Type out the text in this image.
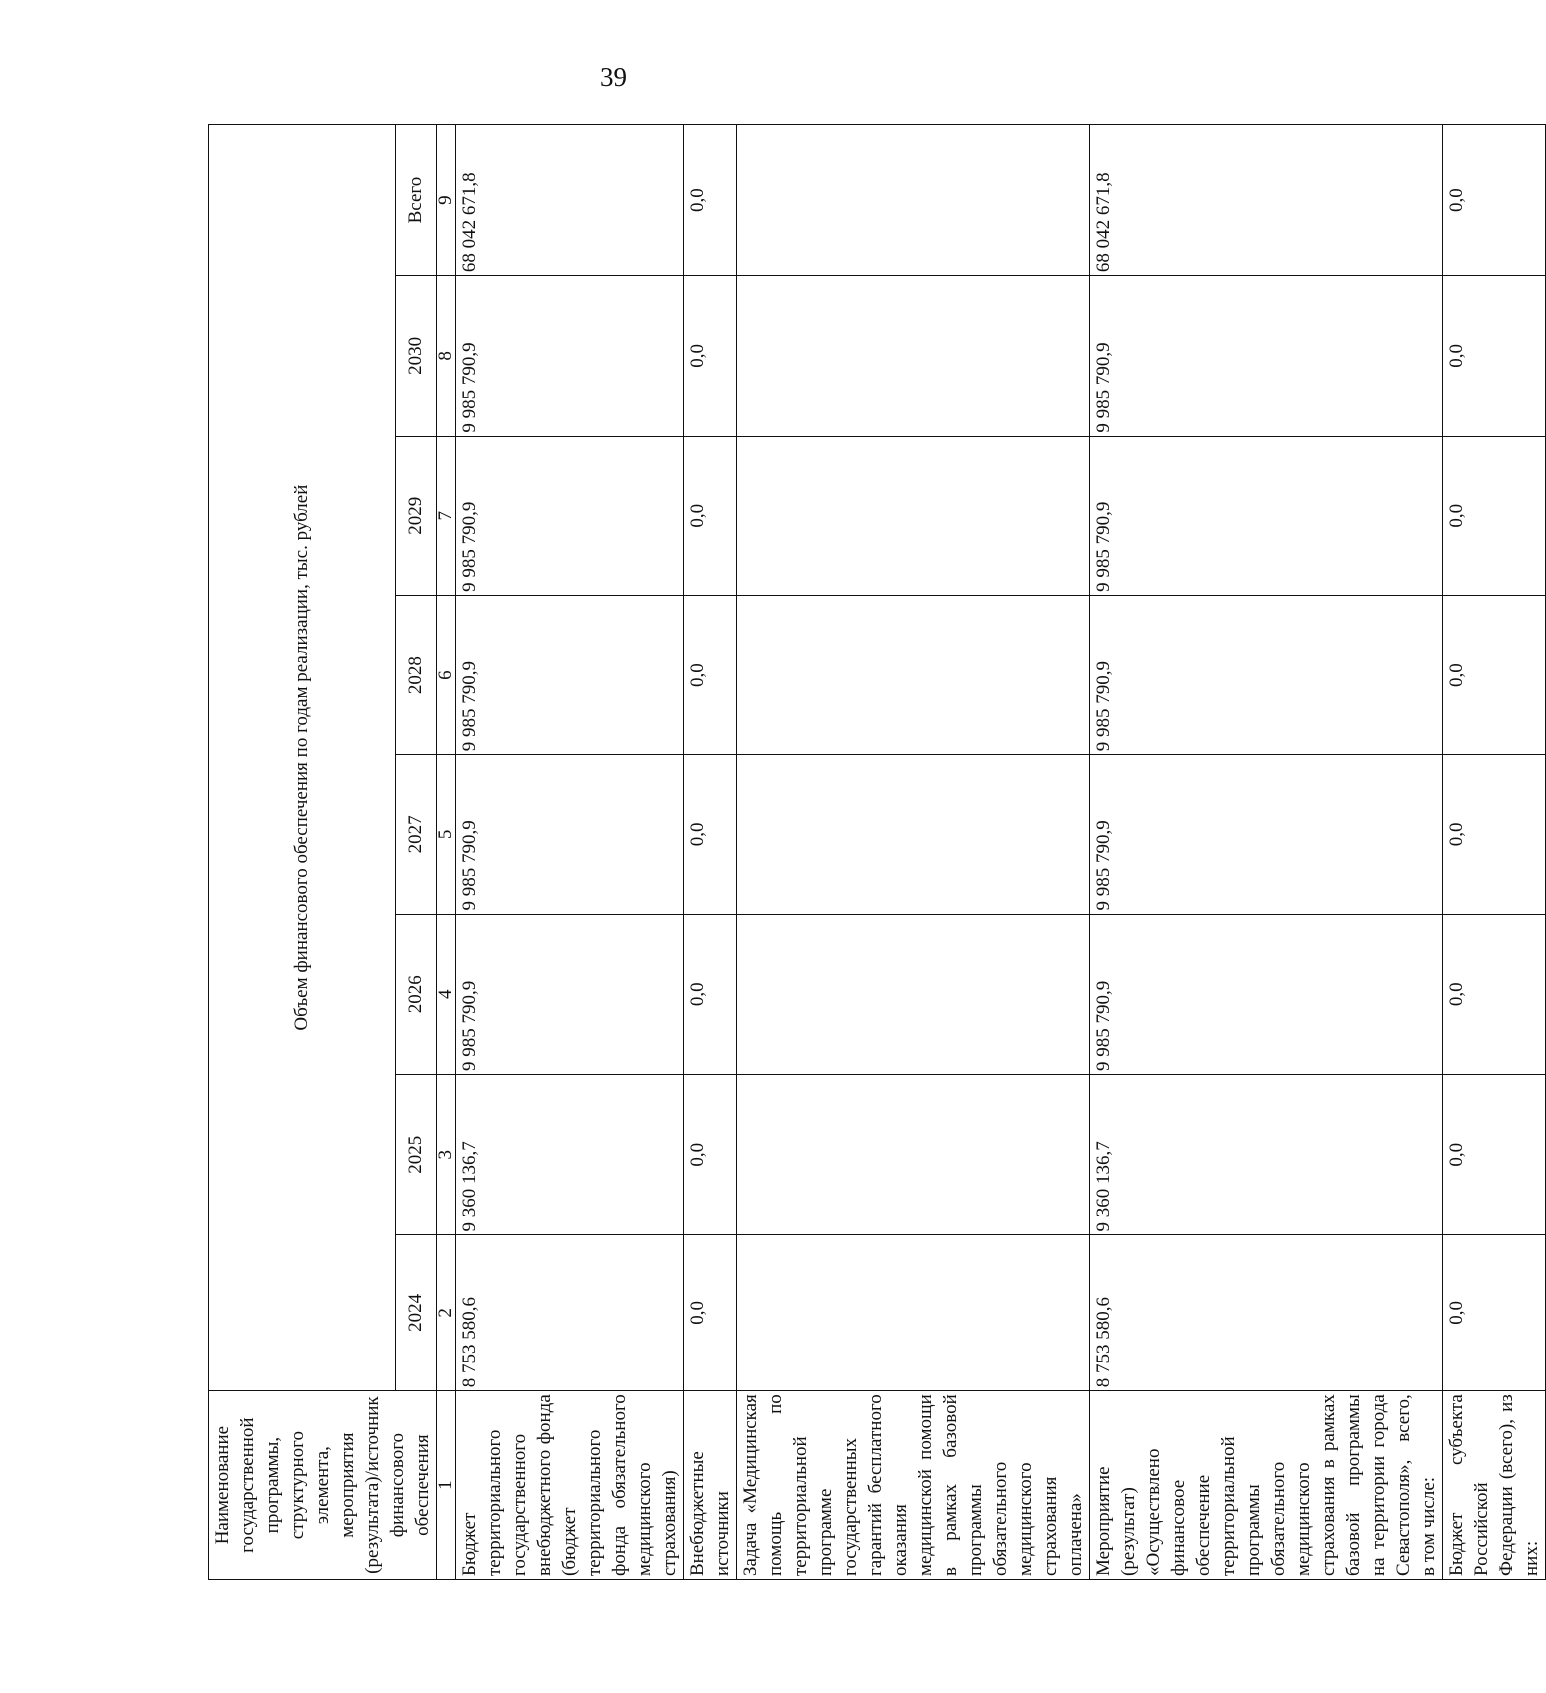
39
Наименование государственной программы, структурного элемента, мероприятия (результата)/источник финансового обеспечения	Объем финансового обеспечения по годам реализации, тыс. рублей							
	2024	2025	2026	2027	2028	2029	2030	Всего
1	2	3	4	5	6	7	8	9
Бюджет территориального государственного внебюджетного фонда (бюджет территориального фонда обязательного медицинского страхования)	8 753 580,6	9 360 136,7	9 985 790,9	9 985 790,9	9 985 790,9	9 985 790,9	9 985 790,9	68 042 671,8
Внебюджетные источники	0,0	0,0	0,0	0,0	0,0	0,0	0,0	0,0
Задача «Медицинская помощь по территориальной программе государственных гарантий бесплатного оказания медицинской помощи в рамках базовой программы обязательного медицинского страхования оплачена»								
Мероприятие (результат) «Осуществлено финансовое обеспечение территориальной программы обязательного медицинского страхования в рамках базовой программы на территории города Севастополя», всего, в том числе:	8 753 580,6	9 360 136,7	9 985 790,9	9 985 790,9	9 985 790,9	9 985 790,9	9 985 790,9	68 042 671,8
Бюджет субъекта Российской Федерации (всего), из них:	0,0	0,0	0,0	0,0	0,0	0,0	0,0	0,0
